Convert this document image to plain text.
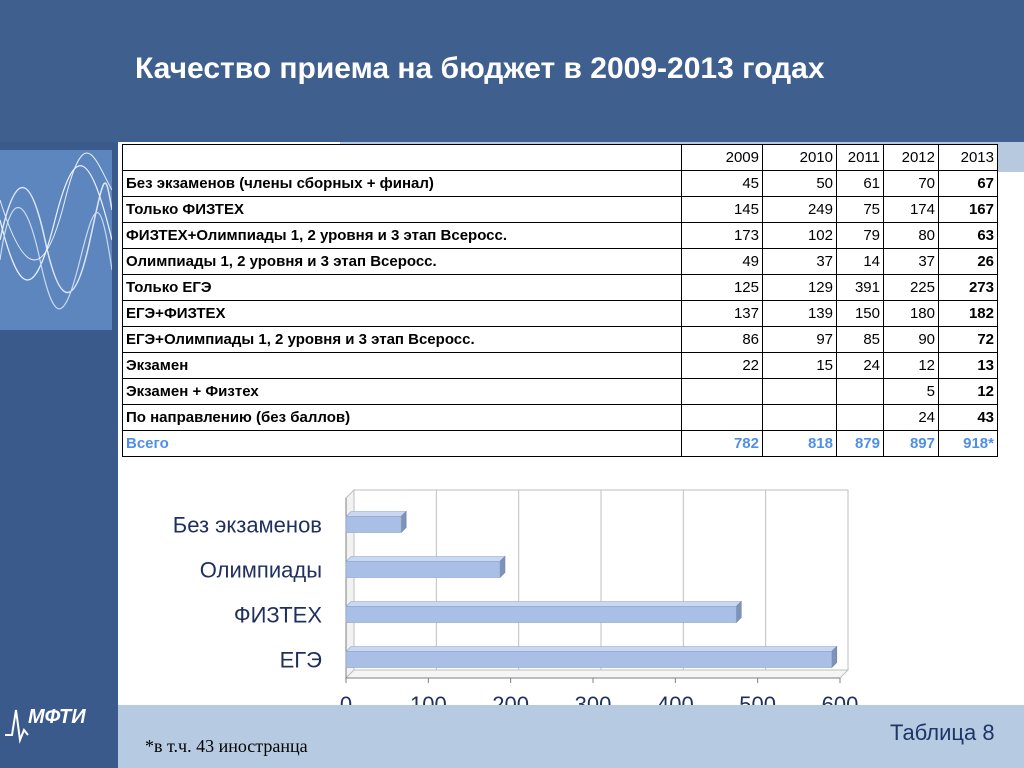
Качество приема на бюджет в 2009-2013 годах
МФТИ
	2009	2010	2011	2012	2013
Без экзаменов (члены сборных + финал)	45	50	61	70	67
Только ФИЗТЕХ	145	249	75	174	167
ФИЗТЕХ+Олимпиады 1, 2 уровня и 3 этап Всеросс.	173	102	79	80	63
Олимпиады 1, 2 уровня и 3 этап Всеросс.	49	37	14	37	26
Только ЕГЭ	125	129	391	225	273
ЕГЭ+ФИЗТЕХ	137	139	150	180	182
ЕГЭ+Олимпиады 1, 2 уровня и 3 этап Всеросс.	86	97	85	90	72
Экзамен	22	15	24	12	13
Экзамен + Физтех				5	12
По направлению (без баллов)				24	43
Всего	782	818	879	897	918*
Без экзаменов
Олимпиады
ФИЗТЕХ
ЕГЭ
*в т.ч. 43 иностранца
Таблица 8
